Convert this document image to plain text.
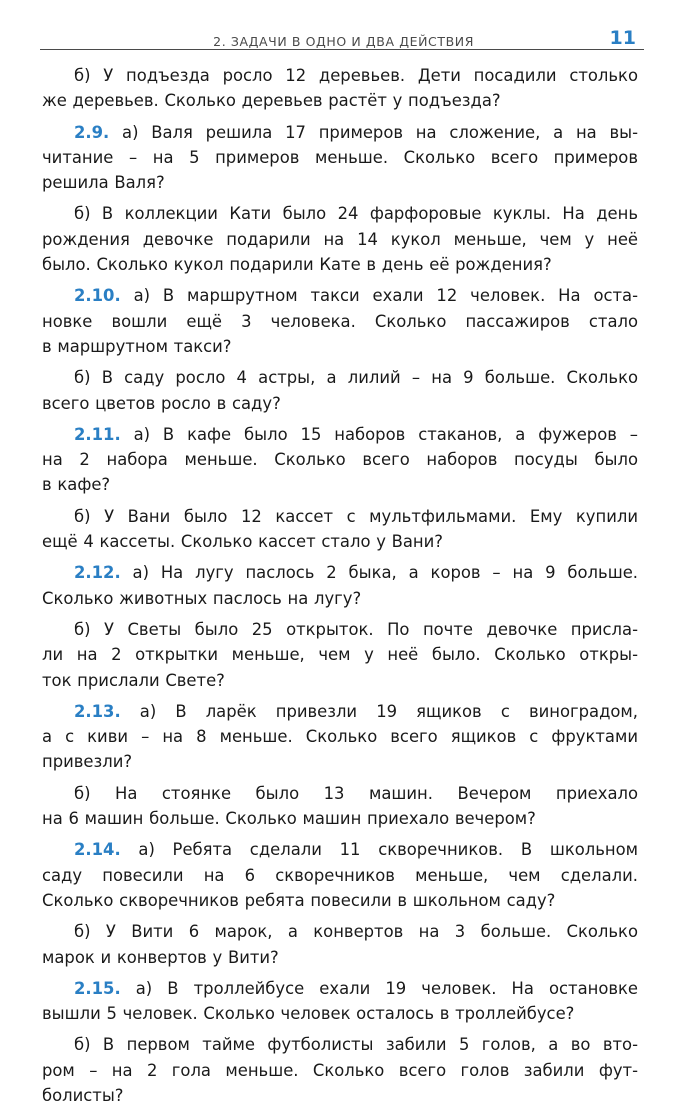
2. ЗАДАЧИ В ОДНО И ДВА ДЕЙСТВИЯ	11
б) У подъезда росло 12 деревьев. Дети посадили столько
же деревьев. Сколько деревьев растёт у подъезда?
2.9. а) Валя решила 17 примеров на сложение, а на вы-
читание – на 5 примеров меньше. Сколько всего примеров
решила Валя?
б) В коллекции Кати было 24 фарфоровые куклы. На день
рождения девочке подарили на 14 кукол меньше, чем у неё
было. Сколько кукол подарили Кате в день её рождения?
2.10. а) В маршрутном такси ехали 12 человек. На оста-
новке вошли ещё 3 человека. Сколько пассажиров стало
в маршрутном такси?
б) В саду росло 4 астры, а лилий – на 9 больше. Сколько
всего цветов росло в саду?
2.11. а) В кафе было 15 наборов стаканов, а фужеров –
на 2 набора меньше. Сколько всего наборов посуды было
в кафе?
б) У Вани было 12 кассет с мультфильмами. Ему купили
ещё 4 кассеты. Сколько кассет стало у Вани?
2.12. а) На лугу паслось 2 быка, а коров – на 9 больше.
Сколько животных паслось на лугу?
б) У Светы было 25 открыток. По почте девочке присла-
ли на 2 открытки меньше, чем у неё было. Сколько откры-
ток прислали Свете?
2.13. а) В ларёк привезли 19 ящиков с виноградом,
а с киви – на 8 меньше. Сколько всего ящиков с фруктами
привезли?
б) На стоянке было 13 машин. Вечером приехало
на 6 машин больше. Сколько машин приехало вечером?
2.14. а) Ребята сделали 11 скворечников. В школьном
саду повесили на 6 скворечников меньше, чем сделали.
Сколько скворечников ребята повесили в школьном саду?
б) У Вити 6 марок, а конвертов на 3 больше. Сколько
марок и конвертов у Вити?
2.15. а) В троллейбусе ехали 19 человек. На остановке
вышли 5 человек. Сколько человек осталось в троллейбусе?
б) В первом тайме футболисты забили 5 голов, а во вто-
ром – на 2 гола меньше. Сколько всего голов забили фут-
болисты?
